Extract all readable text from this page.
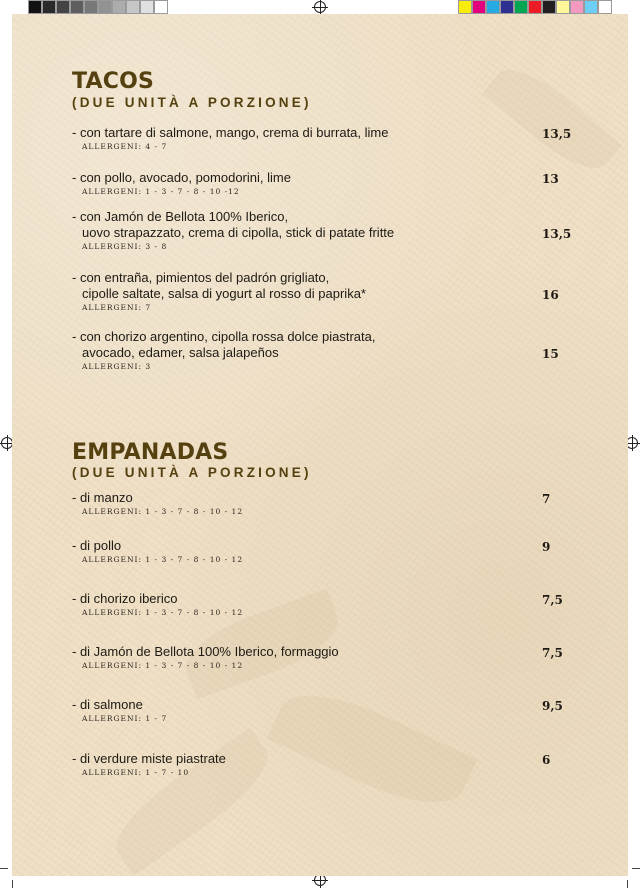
TACOS
(DUE UNITÀ A PORZIONE)
- con tartare di salmone, mango, crema di burrata, lime
ALLERGENI: 4 - 7
13,5
- con pollo, avocado, pomodorini, lime
ALLERGENI: 1 - 3 - 7 - 8 - 10 -12
13
- con Jamón de Bellota 100% Iberico,
uovo strapazzato, crema di cipolla, stick di patate fritte
ALLERGENI: 3 - 8
13,5
- con entraña, pimientos del padrón grigliato,
cipolle saltate, salsa di yogurt al rosso di paprika*
ALLERGENI: 7
16
- con chorizo argentino, cipolla rossa dolce piastrata,
avocado, edamer, salsa jalapeños
ALLERGENI: 3
15
EMPANADAS
(DUE UNITÀ A PORZIONE)
- di manzo
ALLERGENI: 1 - 3 - 7 - 8 - 10 - 12
7
- di pollo
ALLERGENI: 1 - 3 - 7 - 8 - 10 - 12
9
- di chorizo iberico
ALLERGENI: 1 - 3 - 7 - 8 - 10 - 12
7,5
- di Jamón de Bellota 100% Iberico, formaggio
ALLERGENI: 1 - 3 - 7 - 8 - 10 - 12
7,5
- di salmone
ALLERGENI: 1 - 7
9,5
- di verdure miste piastrate
ALLERGENI: 1 - 7 - 10
6
